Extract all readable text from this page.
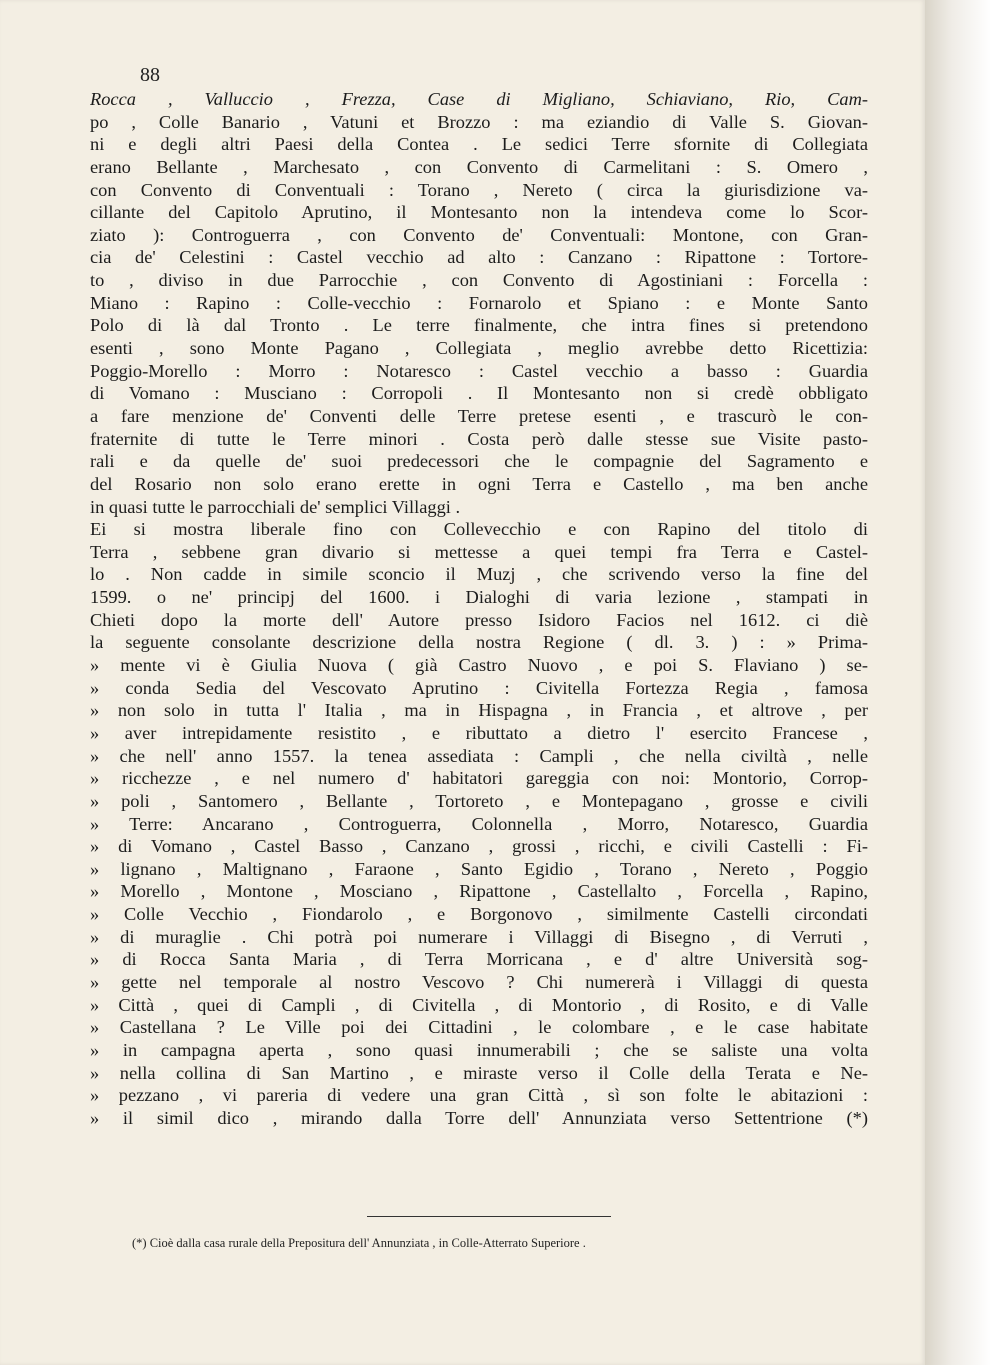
88
Rocca , Valluccio , Frezza, Case di Migliano, Schiaviano, Rio, Cam-
po , Colle Banario , Vatuni et Brozzo : ma eziandio di Valle S. Giovan-
ni e degli altri Paesi della Contea . Le sedici Terre sfornite di Collegiata
erano Bellante , Marchesato , con Convento di Carmelitani : S. Omero ,
con Convento di Conventuali : Torano , Nereto ( circa la giurisdizione va-
cillante del Capitolo Aprutino, il Montesanto non la intendeva come lo Scor-
ziato ): Controguerra , con Convento de' Conventuali: Montone, con Gran-
cia de' Celestini : Castel vecchio ad alto : Canzano : Ripattone : Tortore-
to , diviso in due Parrocchie , con Convento di Agostiniani : Forcella :
Miano : Rapino : Colle-vecchio : Fornarolo et Spiano : e Monte Santo
Polo di là dal Tronto . Le terre finalmente, che intra fines si pretendono
esenti , sono Monte Pagano , Collegiata , meglio avrebbe detto Ricettizia:
Poggio-Morello : Morro : Notaresco : Castel vecchio a basso : Guardia
di Vomano : Musciano : Corropoli . Il Montesanto non si credè obbligato
a fare menzione de' Conventi delle Terre pretese esenti , e trascurò le con-
fraternite di tutte le Terre minori . Costa però dalle stesse sue Visite pasto-
rali e da quelle de' suoi predecessori che le compagnie del Sagramento e
del Rosario non solo erano erette in ogni Terra e Castello , ma ben anche
in quasi tutte le parrocchiali de' semplici Villaggi .
Ei si mostra liberale fino con Collevecchio e con Rapino del titolo di
Terra , sebbene gran divario si mettesse a quei tempi fra Terra e Castel-
lo . Non cadde in simile sconcio il Muzj , che scrivendo verso la fine del
1599. o ne' principj del 1600. i Dialoghi di varia lezione , stampati in
Chieti dopo la morte dell' Autore presso Isidoro Facios nel 1612. ci diè
la seguente consolante descrizione della nostra Regione ( dl. 3. ) : » Prima-
» mente vi è Giulia Nuova ( già Castro Nuovo , e poi S. Flaviano ) se-
» conda Sedia del Vescovato Aprutino : Civitella Fortezza Regia , famosa
» non solo in tutta l' Italia , ma in Hispagna , in Francia , et altrove , per
» aver intrepidamente resistito , e ributtato a dietro l' esercito Francese ,
» che nell' anno 1557. la tenea assediata : Campli , che nella civiltà , nelle
» ricchezze , e nel numero d' habitatori gareggia con noi: Montorio, Corrop-
» poli , Santomero , Bellante , Tortoreto , e Montepagano , grosse e civili
» Terre: Ancarano , Controguerra, Colonnella , Morro, Notaresco, Guardia
» di Vomano , Castel Basso , Canzano , grossi , ricchi, e civili Castelli : Fi-
» lignano , Maltignano , Faraone , Santo Egidio , Torano , Nereto , Poggio
» Morello , Montone , Mosciano , Ripattone , Castellalto , Forcella , Rapino,
» Colle Vecchio , Fiondarolo , e Borgonovo , similmente Castelli circondati
» di muraglie . Chi potrà poi numerare i Villaggi di Bisegno , di Verruti ,
» di Rocca Santa Maria , di Terra Morricana , e d' altre Università sog-
» gette nel temporale al nostro Vescovo ? Chi numererà i Villaggi di questa
» Città , quei di Campli , di Civitella , di Montorio , di Rosito, e di Valle
» Castellana ? Le Ville poi dei Cittadini , le colombare , e le case habitate
» in campagna aperta , sono quasi innumerabili ; che se saliste una volta
» nella collina di San Martino , e miraste verso il Colle della Terata e Ne-
» pezzano , vi pareria di vedere una gran Città , sì son folte le abitazioni :
» il simil dico , mirando dalla Torre dell' Annunziata verso Settentrione (*)
(*) Cioè dalla casa rurale della Prepositura dell' Annunziata , in Colle-Atterrato Superiore .
